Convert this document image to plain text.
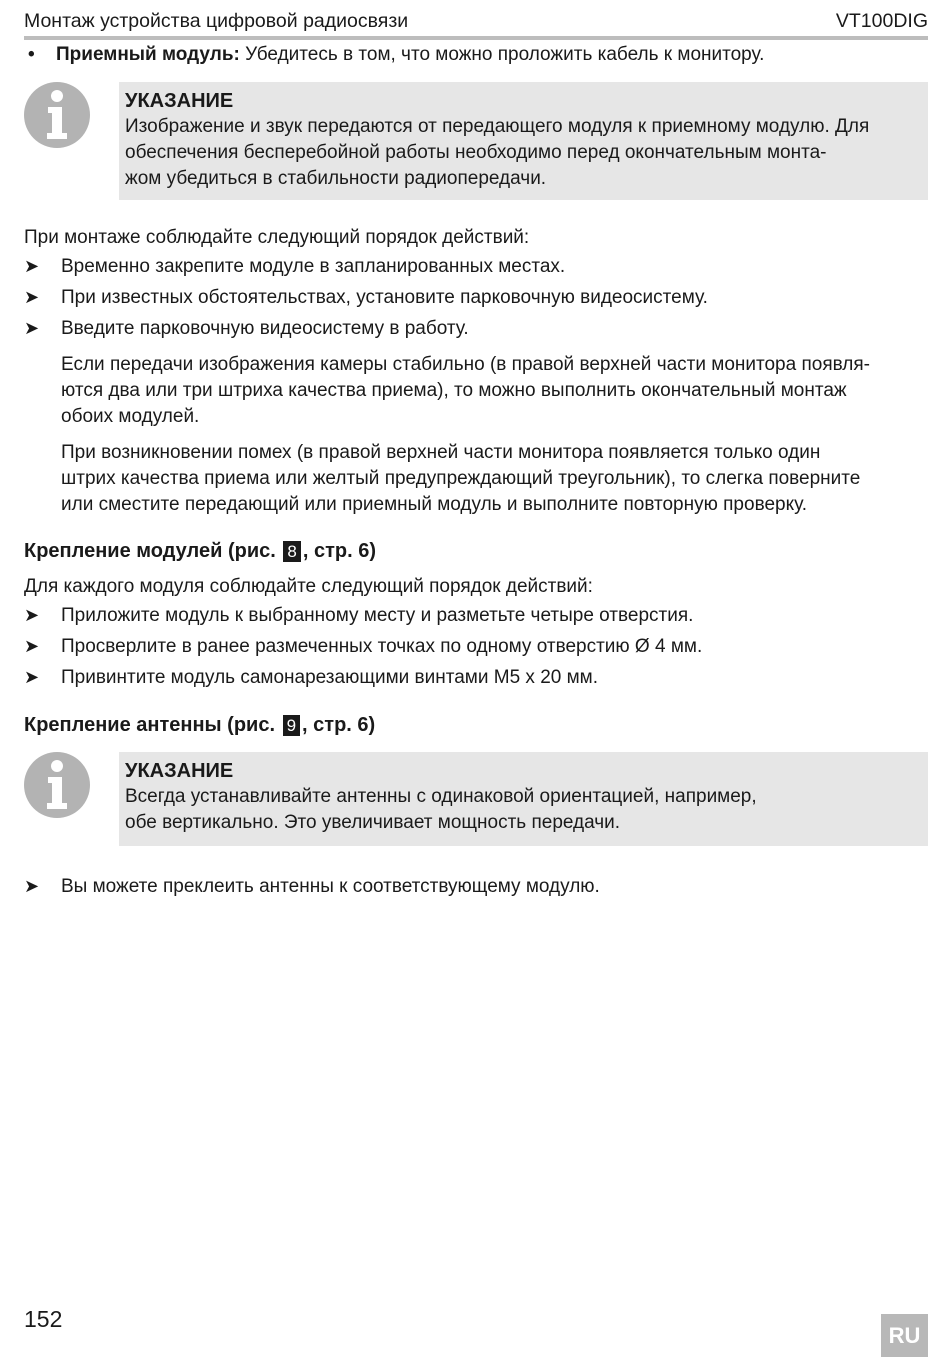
Монтаж устройства цифровой радиосвязи	VT100DIG
•	Приемный модуль: Убедитесь в том, что можно проложить кабель к монитору.
УКАЗАНИЕ
Изображение и звук передаются от передающего модуля к приемному модулю. Для
обеспечения бесперебойной работы необходимо перед окончательным монта-
жом убедиться в стабильности радиопередачи.
При монтаже соблюдайте следующий порядок действий:
➤	Временно закрепите модуле в запланированных местах.
➤	При известных обстоятельствах, установите парковочную видеосистему.
➤	Введите парковочную видеосистему в работу.
Если передачи изображения камеры стабильно (в правой верхней части монитора появля-
ются два или три штриха качества приема), то можно выполнить окончательный монтаж
обоих модулей.
При возникновении помех (в правой верхней части монитора появляется только один
штрих качества приема или желтый предупреждающий треугольник), то слегка поверните
или сместите передающий или приемный модуль и выполните повторную проверку.
Крепление модулей (рис. 8 , стр. 6)
Для каждого модуля соблюдайте следующий порядок действий:
➤	Приложите модуль к выбранному месту и разметьте четыре отверстия.
➤	Просверлите в ранее размеченных точках по одному отверстию Ø 4 мм.
➤	Привинтите модуль самонарезающими винтами M5 x 20 мм.
Крепление антенны (рис. 9 , стр. 6)
УКАЗАНИЕ
Всегда устанавливайте антенны с одинаковой ориентацией, например,
обе вертикально. Это увеличивает мощность передачи.
➤	Вы можете преклеить антенны к соответствующему модулю.
152
RU
